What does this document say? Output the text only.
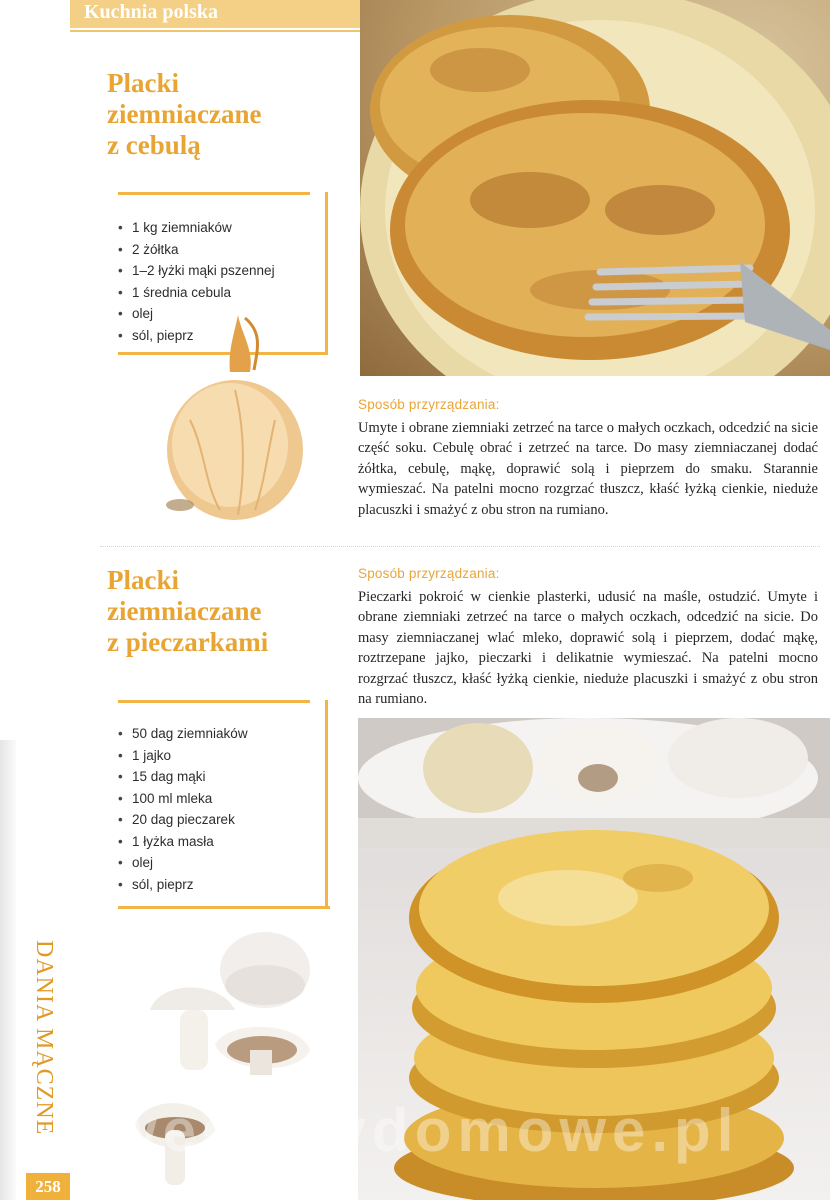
Kuchnia polska
Placki
ziemniaczane
z cebulą
• 1 kg ziemniaków
• 2 żółtka
• 1–2 łyżki mąki pszennej
• 1 średnia cebula
• olej
• sól, pieprz
Sposób przyrządzania:
Umyte i obrane ziemniaki zetrzeć na tarce o małych oczkach, odcedzić na sicie część soku. Cebulę obrać i zetrzeć na tarce. Do masy ziemniaczanej dodać żółtka, cebulę, mąkę, doprawić solą i pieprzem do smaku. Starannie wymieszać. Na patelni mocno rozgrzać tłuszcz, kłaść łyżką cienkie, nieduże placuszki i smażyć z obu stron na rumiano.
Placki
ziemniaczane
z pieczarkami
Sposób przyrządzania:
Pieczarki pokroić w cienkie plasterki, udusić na maśle, ostudzić. Umyte i obrane ziemniaki zetrzeć na tarce o małych oczkach, odcedzić na sicie. Do masy ziemniaczanej wlać mleko, doprawić solą i pieprzem, dodać mąkę, roztrzepane jajko, pieczarki i delikatnie wymieszać. Na patelni mocno rozgrzać tłuszcz, kłaść łyżką cienkie, nieduże placuszki i smażyć z obu stron na rumiano.
• 50 dag ziemniaków
• 1 jajko
• 15 dag mąki
• 100 ml mleka
• 20 dag pieczarek
• 1 łyżka masła
• olej
• sól, pieprz
wedlinydomowe.pl
DANIA MĄCZNE
258
